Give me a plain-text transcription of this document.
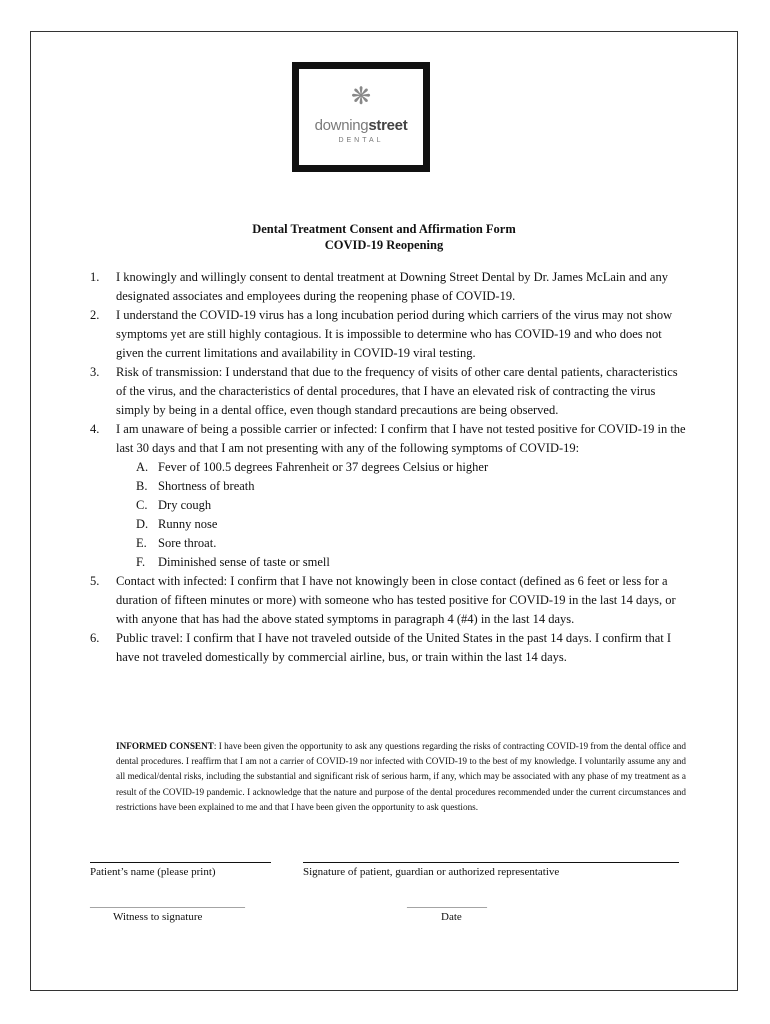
❋
downingstreet
DENTAL
Dental Treatment Consent and Affirmation Form
COVID-19 Reopening
1. I knowingly and willingly consent to dental treatment at Downing Street Dental by Dr. James McLain and any designated associates and employees during the reopening phase of COVID-19.
2. I understand the COVID-19 virus has a long incubation period during which carriers of the virus may not show symptoms yet are still highly contagious. It is impossible to determine who has COVID-19 and who does not given the current limitations and availability in COVID-19 viral testing.
3. Risk of transmission: I understand that due to the frequency of visits of other care dental patients, characteristics of the virus, and the characteristics of dental procedures, that I have an elevated risk of contracting the virus simply by being in a dental office, even though standard precautions are being observed.
4. I am unaware of being a possible carrier or infected: I confirm that I have not tested positive for COVID-19 in the last 30 days and that I am not presenting with any of the following symptoms of COVID-19:
A. Fever of 100.5 degrees Fahrenheit or 37 degrees Celsius or higher
B. Shortness of breath
C. Dry cough
D. Runny nose
E. Sore throat.
F. Diminished sense of taste or smell
5. Contact with infected: I confirm that I have not knowingly been in close contact (defined as 6 feet or less for a duration of fifteen minutes or more) with someone who has tested positive for COVID-19 in the last 14 days, or with anyone that has had the above stated symptoms in paragraph 4 (#4) in the last 14 days.
6. Public travel: I confirm that I have not traveled outside of the United States in the past 14 days. I confirm that I have not traveled domestically by commercial airline, bus, or train within the last 14 days.
INFORMED CONSENT: I have been given the opportunity to ask any questions regarding the risks of contracting COVID-19 from the dental office and dental procedures. I reaffirm that I am not a carrier of COVID-19 nor infected with COVID-19 to the best of my knowledge. I voluntarily assume any and all medical/dental risks, including the substantial and significant risk of serious harm, if any, which may be associated with any phase of my treatment as a result of the COVID-19 pandemic. I acknowledge that the nature and purpose of the dental procedures recommended under the current circumstances and restrictions have been explained to me and that I have been given the opportunity to ask questions.
Patient’s name (please print)	Signature of patient, guardian or authorized representative
_______________________________
Witness to signature
________________
Date
